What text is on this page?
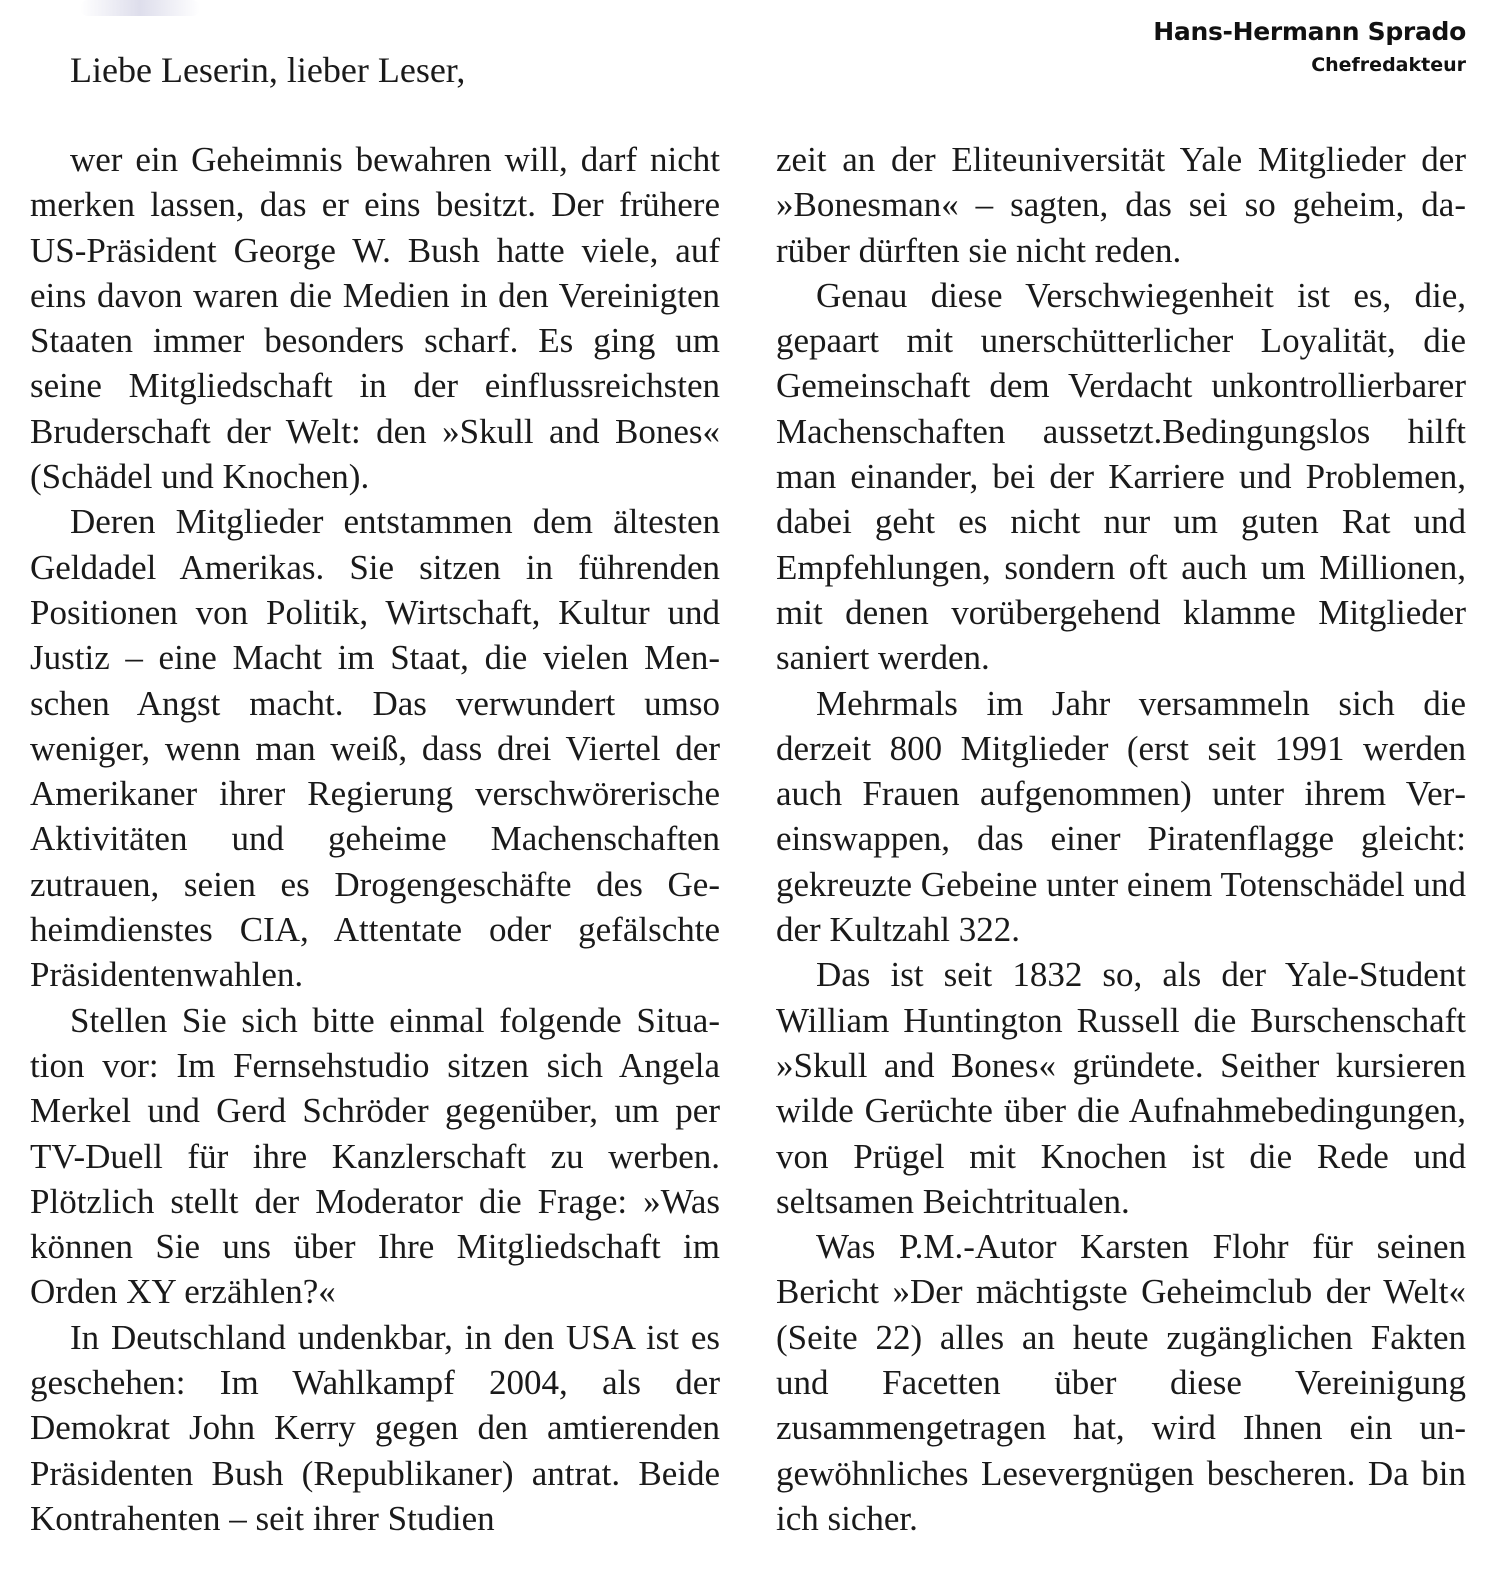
Hans-Hermann Sprado
Chefredakteur
Liebe Leserin, lieber Leser,

wer ein Geheimnis bewahren will, darf nicht merken lassen, das er eins besitzt. Der frühere US-Präsident George W. Bush hatte viele, auf eins davon waren die Medien in den Vereinigten Staaten immer besonders scharf. Es ging um seine Mitgliedschaft in der einflussreichsten Bruderschaft der Welt: den »Skull and Bones« (Schädel und Knochen).

Deren Mitglieder entstammen dem ältesten Geldadel Amerikas. Sie sitzen in führenden Positionen von Politik, Wirtschaft, Kultur und Justiz – eine Macht im Staat, die vielen Menschen Angst macht. Das verwundert umso weniger, wenn man weiß, dass drei Viertel der Amerikaner ihrer Regierung verschwörerische Aktivitäten und geheime Machenschaften zutrauen, seien es Drogengeschäfte des Geheimdienstes CIA, Attentate oder gefälschte Präsidentenwahlen.

Stellen Sie sich bitte einmal folgende Situation vor: Im Fernsehstudio sitzen sich Angela Merkel und Gerd Schröder gegenüber, um per TV-Duell für ihre Kanzlerschaft zu werben. Plötzlich stellt der Moderator die Frage: »Was können Sie uns über Ihre Mitgliedschaft im Orden XY erzählen?«

In Deutschland undenkbar, in den USA ist es geschehen: Im Wahlkampf 2004, als der Demokrat John Kerry gegen den amtierenden Präsidenten Bush (Republikaner) antrat. Beide Kontrahenten – seit ihrer Studien

zeit an der Eliteuniversität Yale Mitglieder der »Bonesman« – sagten, das sei so geheim, darüber dürften sie nicht reden.

Genau diese Verschwiegenheit ist es, die, gepaart mit unerschütterlicher Loyalität, die Gemeinschaft dem Verdacht unkontrollierbarer Machenschaften aussetzt.Bedingungslos hilft man einander, bei der Karriere und Problemen, dabei geht es nicht nur um guten Rat und Empfehlungen, sondern oft auch um Millionen, mit denen vorübergehend klamme Mitglieder saniert werden.

Mehrmals im Jahr versammeln sich die derzeit 800 Mitglieder (erst seit 1991 werden auch Frauen aufgenommen) unter ihrem Vereinswappen, das einer Piratenflagge gleicht: gekreuzte Gebeine unter einem Totenschädel und der Kultzahl 322.

Das ist seit 1832 so, als der Yale-Student William Huntington Russell die Burschenschaft »Skull and Bones« gründete. Seither kursieren wilde Gerüchte über die Aufnahmebedingungen, von Prügel mit Knochen ist die Rede und seltsamen Beichtritualen.

Was P.M.-Autor Karsten Flohr für seinen Bericht »Der mächtigste Geheimclub der Welt« (Seite 22) alles an heute zugänglichen Fakten und Facetten über diese Vereinigung zusammengetragen hat, wird Ihnen ein ungewöhnliches Lesevergnügen bescheren. Da bin ich sicher.
